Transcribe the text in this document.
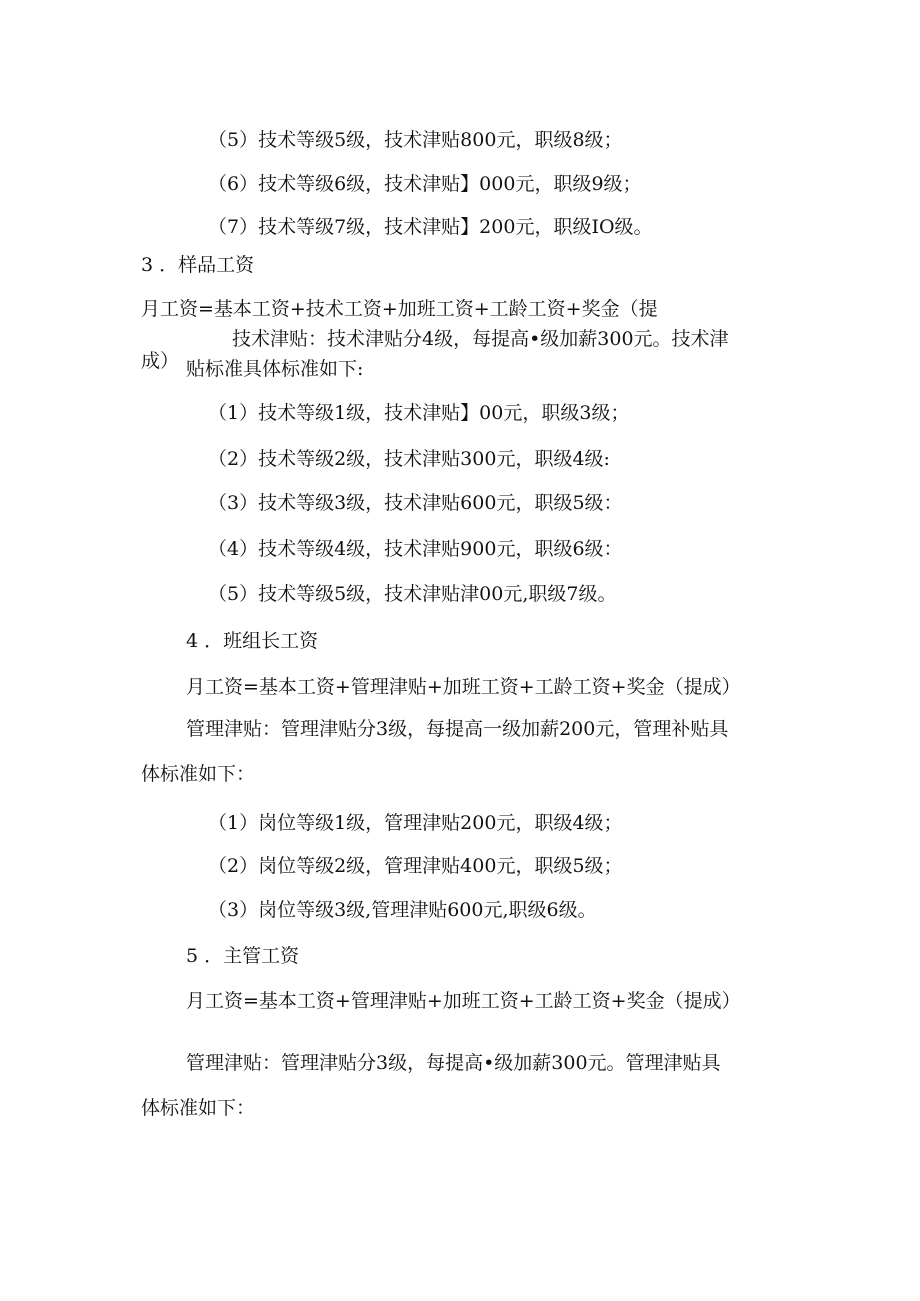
（5）技术等级5级，技术津贴800元，职级8级；
（6）技术等级6级，技术津贴】000元，职级9级；
（7）技术等级7级，技术津贴】200元，职级IO级。
3 ．样品工资
月工资=基本工资+技术工资+加班工资+工龄工资+奖金（提
成）
技术津贴：技术津贴分4级，每提高•级加薪300元。技术津
贴标准具体标准如下:
（1）技术等级1级，技术津贴】00元，职级3级；
（2）技术等级2级，技术津贴300元，职级4级:
（3）技术等级3级，技术津贴600元，职级5级：
（4）技术等级4级，技术津贴900元，职级6级：
（5）技术等级5级，技术津贴津00元,职级7级。
4 ．班组长工资
月工资=基本工资+管理津贴+加班工资+工龄工资+奖金（提成）
管理津贴：管理津贴分3级，每提高一级加薪200元，管理补贴具
体标准如下：
（1）岗位等级1级，管理津贴200元，职级4级；
（2）岗位等级2级，管理津贴400元，职级5级；
（3）岗位等级3级,管理津贴600元,职级6级。
5 ．主管工资
月工资=基本工资+管理津贴+加班工资+工龄工资+奖金（提成）
管理津贴：管理津贴分3级，每提高•级加薪300元。管理津贴具
体标准如下：
